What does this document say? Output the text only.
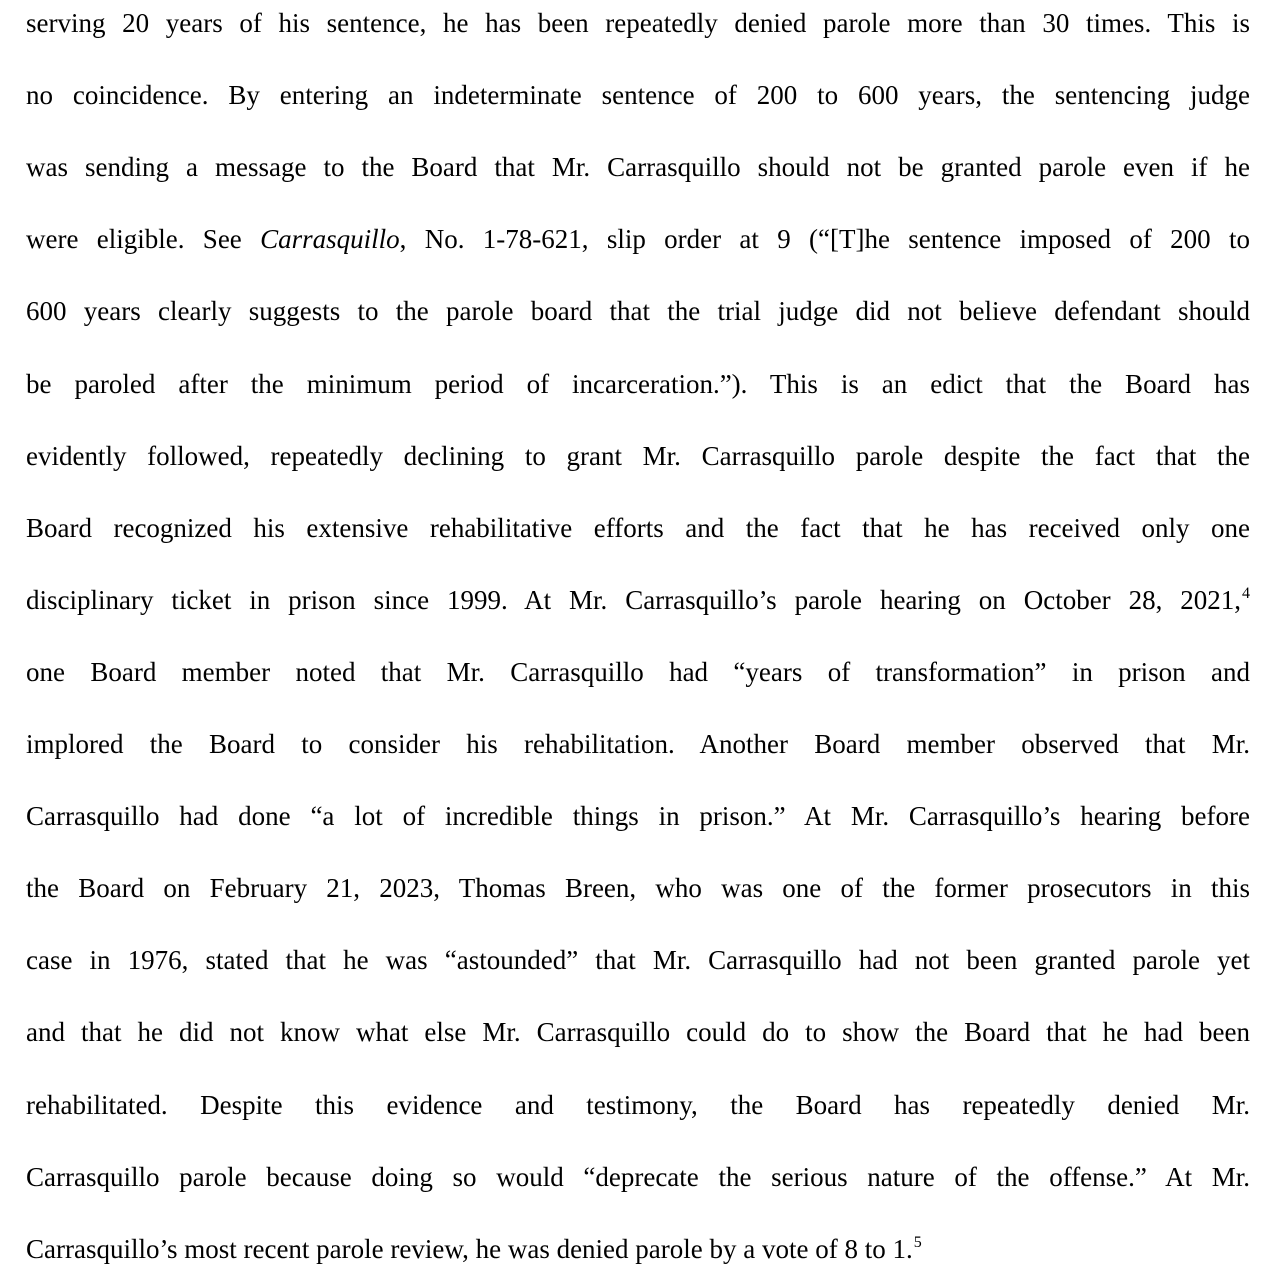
serving 20 years of his sentence, he has been repeatedly denied parole more than 30 times. This is
no coincidence. By entering an indeterminate sentence of 200 to 600 years, the sentencing judge
was sending a message to the Board that Mr. Carrasquillo should not be granted parole even if he
were eligible. See Carrasquillo, No. 1-78-621, slip order at 9 (“[T]he sentence imposed of 200 to
600 years clearly suggests to the parole board that the trial judge did not believe defendant should
be paroled after the minimum period of incarceration.”). This is an edict that the Board has
evidently followed, repeatedly declining to grant Mr. Carrasquillo parole despite the fact that the
Board recognized his extensive rehabilitative efforts and the fact that he has received only one
disciplinary ticket in prison since 1999. At Mr. Carrasquillo’s parole hearing on October 28, 2021,$^4$
one Board member noted that Mr. Carrasquillo had “years of transformation” in prison and
implored the Board to consider his rehabilitation. Another Board member observed that Mr.
Carrasquillo had done “a lot of incredible things in prison.” At Mr. Carrasquillo’s hearing before
the Board on February 21, 2023, Thomas Breen, who was one of the former prosecutors in this
case in 1976, stated that he was “astounded” that Mr. Carrasquillo had not been granted parole yet
and that he did not know what else Mr. Carrasquillo could do to show the Board that he had been
rehabilitated. Despite this evidence and testimony, the Board has repeatedly denied Mr.
Carrasquillo parole because doing so would “deprecate the serious nature of the offense.” At Mr.
Carrasquillo’s most recent parole review, he was denied parole by a vote of 8 to 1.$^5$
